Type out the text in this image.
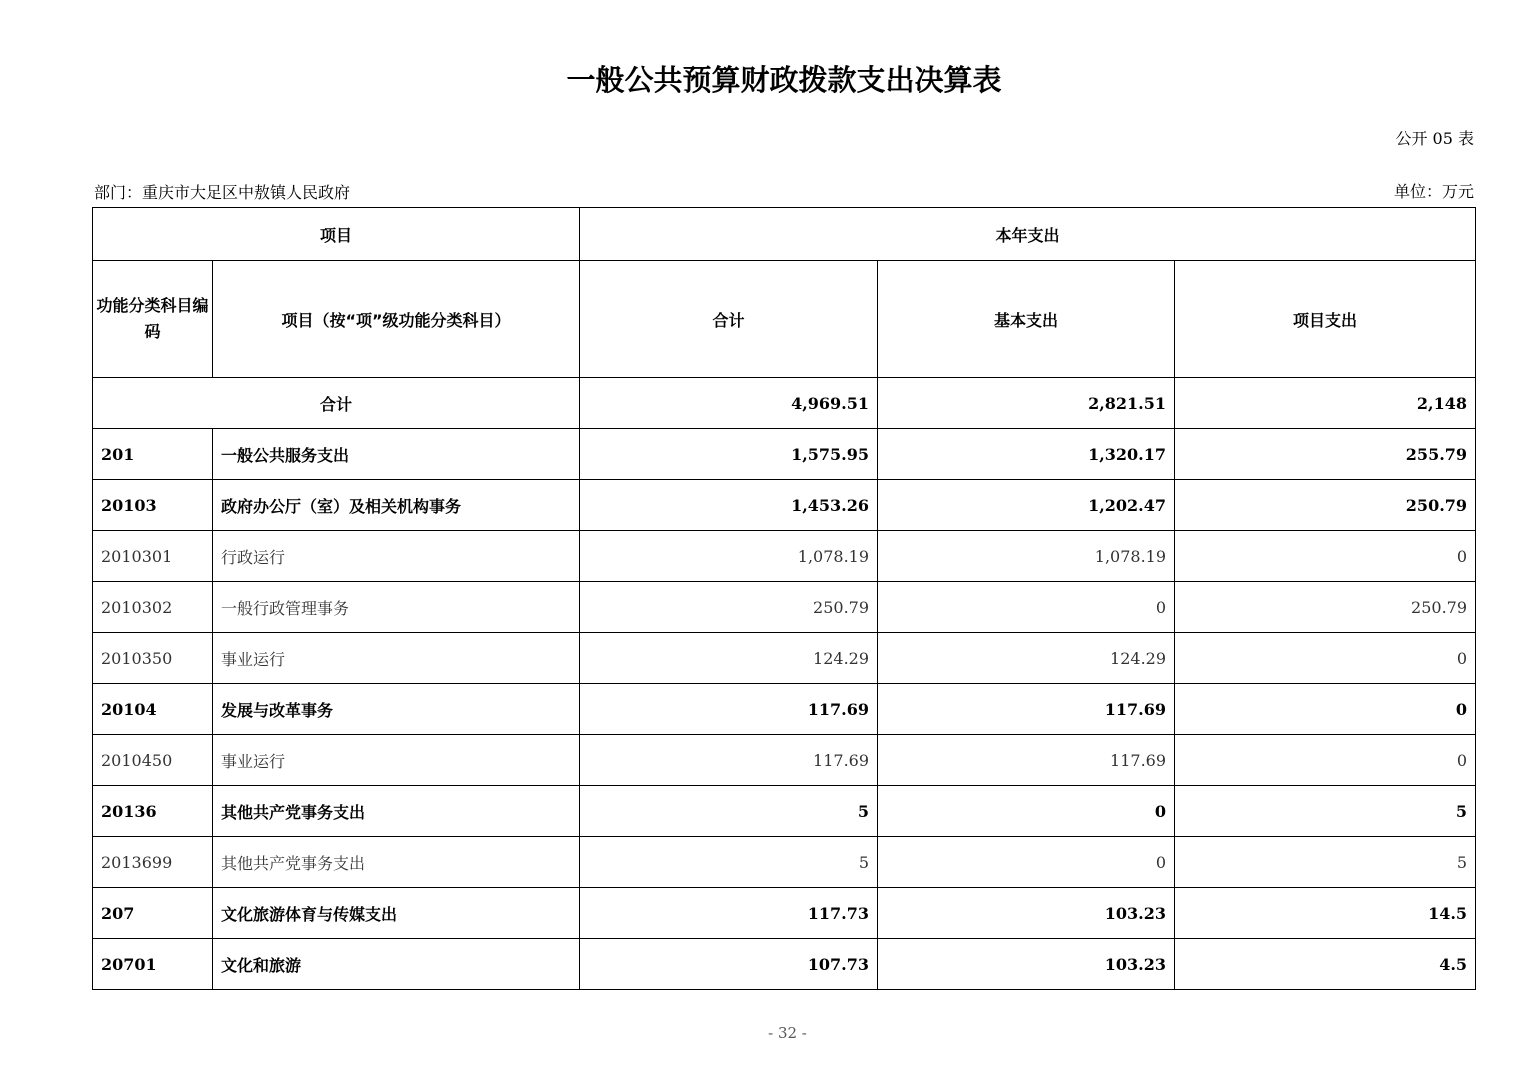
一般公共预算财政拨款支出决算表
公开 05 表
部门：重庆市大足区中敖镇人民政府	单位：万元
项目		本年支出		
功能分类科目编码	项目（按“项”级功能分类科目）	合计	基本支出	项目支出
合计		4,969.51	2,821.51	2,148
201	一般公共服务支出	1,575.95	1,320.17	255.79
20103	政府办公厅（室）及相关机构事务	1,453.26	1,202.47	250.79
2010301	行政运行	1,078.19	1,078.19	0
2010302	一般行政管理事务	250.79	0	250.79
2010350	事业运行	124.29	124.29	0
20104	发展与改革事务	117.69	117.69	0
2010450	事业运行	117.69	117.69	0
20136	其他共产党事务支出	5	0	5
2013699	其他共产党事务支出	5	0	5
207	文化旅游体育与传媒支出	117.73	103.23	14.5
20701	文化和旅游	107.73	103.23	4.5
- 32 -
